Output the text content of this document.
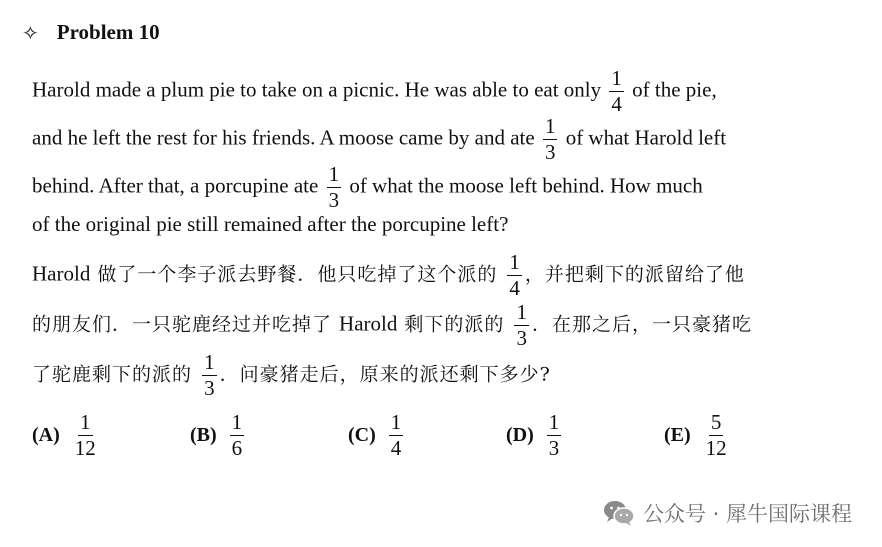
✧ Problem 10
Harold made a plum pie to take on a picnic. He was able to eat only $\frac{1}{4}$ of the pie,
and he left the rest for his friends. A moose came by and ate $\frac{1}{3}$ of what Harold left
behind. After that, a porcupine ate $\frac{1}{3}$ of what the moose left behind. How much
of the original pie still remained after the porcupine left?
Harold 做了一个李子派去野餐．他只吃掉了这个派的 $\frac{1}{4}$ ，并把剩下的派留给了他
的朋友们．一只驼鹿经过并吃掉了 Harold 剩下的派的 $\frac{1}{3}$ ．在那之后，一只豪猪吃
了驼鹿剩下的派的 $\frac{1}{3}$ ．问豪猪走后，原来的派还剩下多少?
$(A) \frac{1}{12}$	$(B) \frac{1}{6}$	$(C) \frac{1}{4}$	$(D) \frac{1}{3}$	$(E) \frac{5}{12}$
公众号 · 犀牛国际课程
